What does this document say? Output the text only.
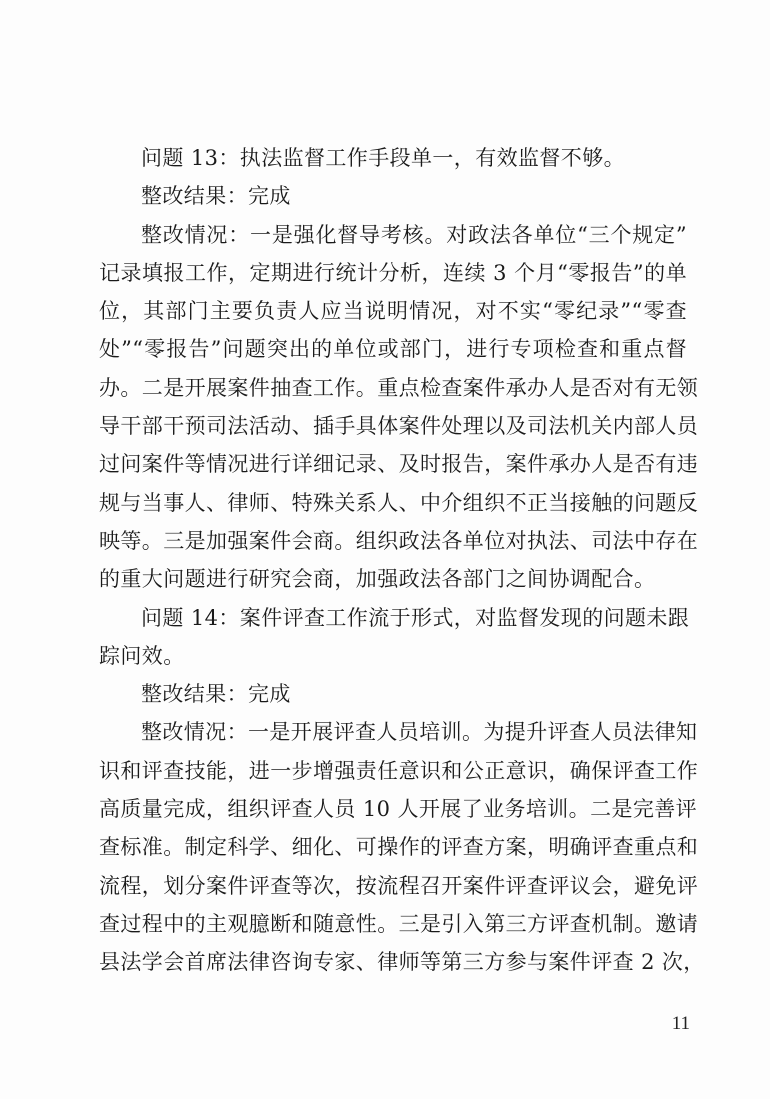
问题 13：执法监督工作手段单一，有效监督不够。

整改结果：完成

整改情况：一是强化督导考核。对政法各单位“三个规定”
记录填报工作，定期进行统计分析，连续 3 个月“零报告”的单
位，其部门主要负责人应当说明情况，对不实“零纪录”“零查
处”“零报告”问题突出的单位或部门，进行专项检查和重点督
办。二是开展案件抽查工作。重点检查案件承办人是否对有无领
导干部干预司法活动、插手具体案件处理以及司法机关内部人员
过问案件等情况进行详细记录、及时报告，案件承办人是否有违
规与当事人、律师、特殊关系人、中介组织不正当接触的问题反
映等。三是加强案件会商。组织政法各单位对执法、司法中存在
的重大问题进行研究会商，加强政法各部门之间协调配合。

问题 14：案件评查工作流于形式，对监督发现的问题未跟
踪问效。

整改结果：完成

整改情况：一是开展评查人员培训。为提升评查人员法律知
识和评查技能，进一步增强责任意识和公正意识，确保评查工作
高质量完成，组织评查人员 10 人开展了业务培训。二是完善评
查标准。制定科学、细化、可操作的评查方案，明确评查重点和
流程，划分案件评查等次，按流程召开案件评查评议会，避免评
查过程中的主观臆断和随意性。三是引入第三方评查机制。邀请
县法学会首席法律咨询专家、律师等第三方参与案件评查 2 次，

11
